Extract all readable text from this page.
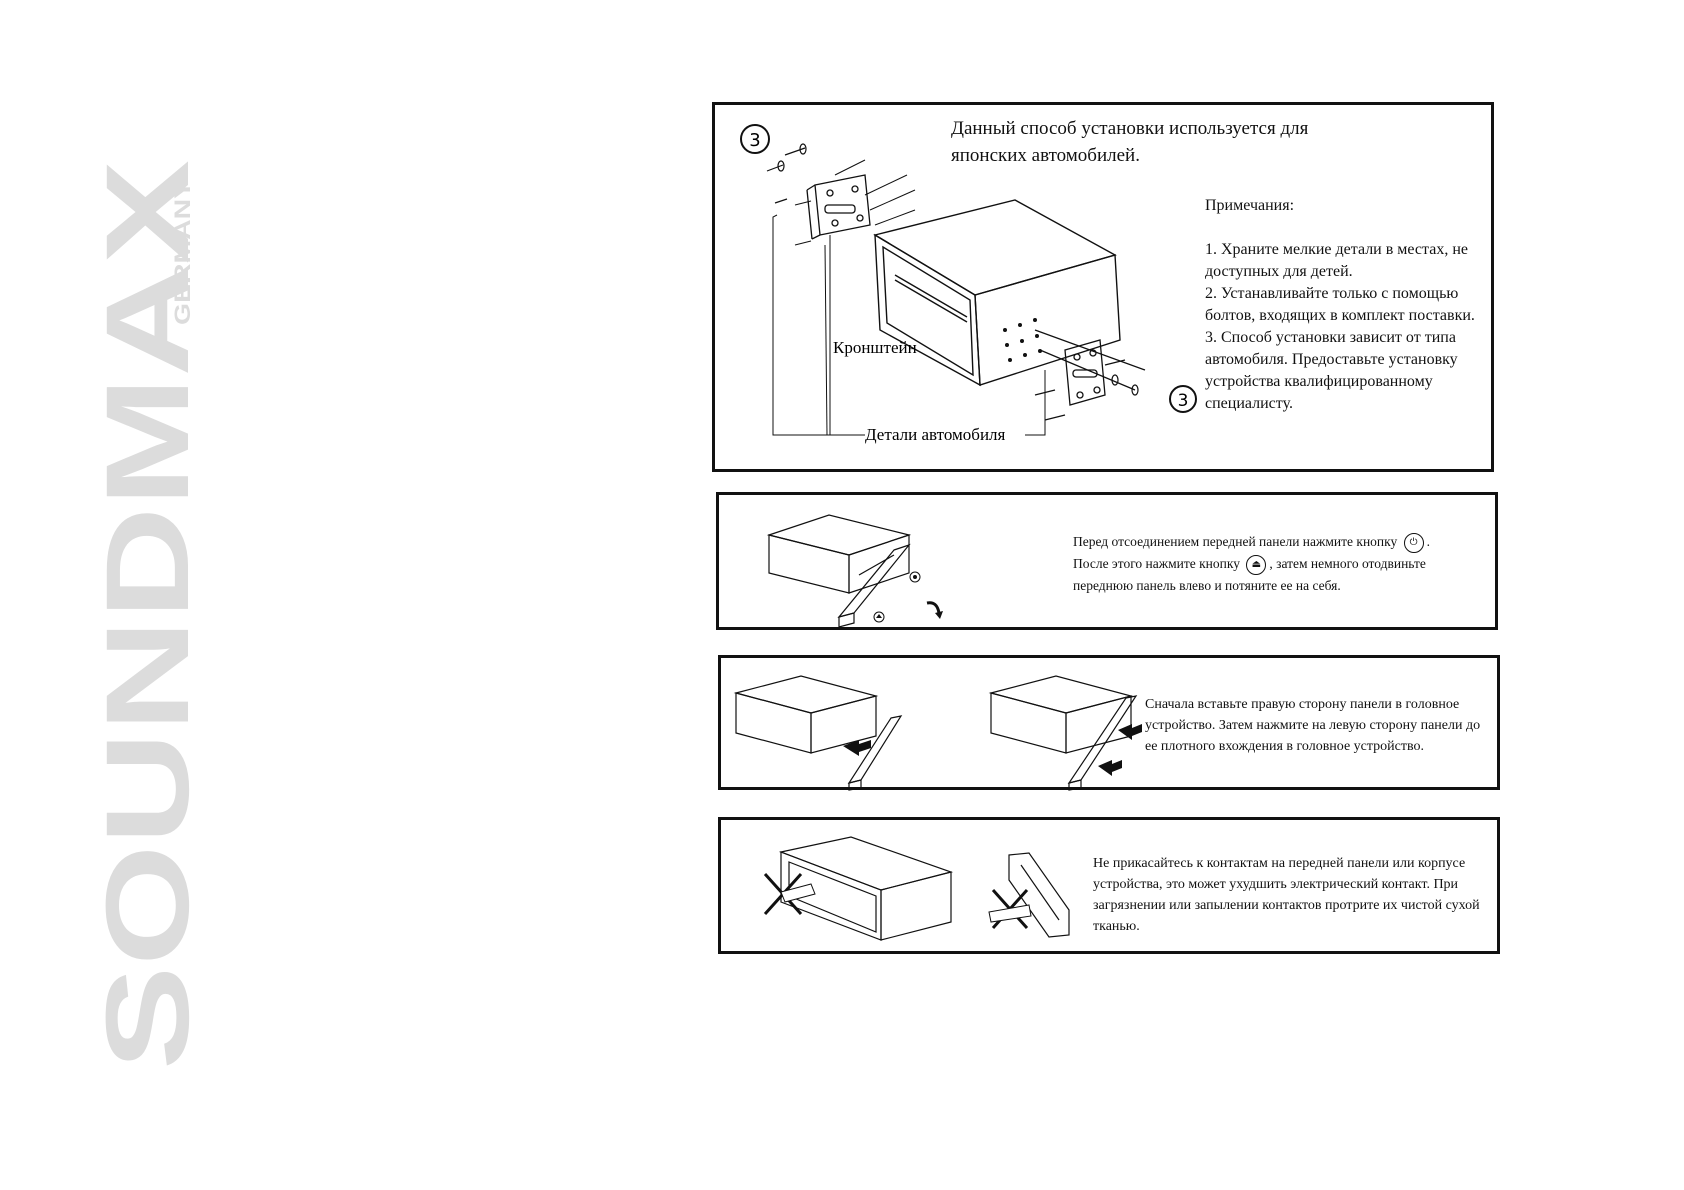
SOUNDMAX
GERMANY
Данный способ установки используется для японских автомобилей.
3
3
Кронштейн
Детали автомобиля

Примечания:

1. Храните мелкие детали в местах, не доступных для детей.

2. Устанавливайте только с помощью болтов, входящих в комплект поставки.

3. Способ установки зависит от типа автомобиля. Предоставьте установку устройства квалифицированному специалисту.

Перед отсоединением передней панели нажмите кнопку ⏻ .
После этого нажмите кнопку ⏏ , затем немного отодвиньте
переднюю панель влево и потяните ее на себя.
Сначала вставьте правую сторону панели в головное устройство. Затем нажмите на левую сторону панели до ее плотного вхождения в головное устройство.
Не прикасайтесь к контактам на передней панели или корпусе устройства, это может ухудшить электрический контакт. При загрязнении или запылении контактов протрите их чистой сухой тканью.
